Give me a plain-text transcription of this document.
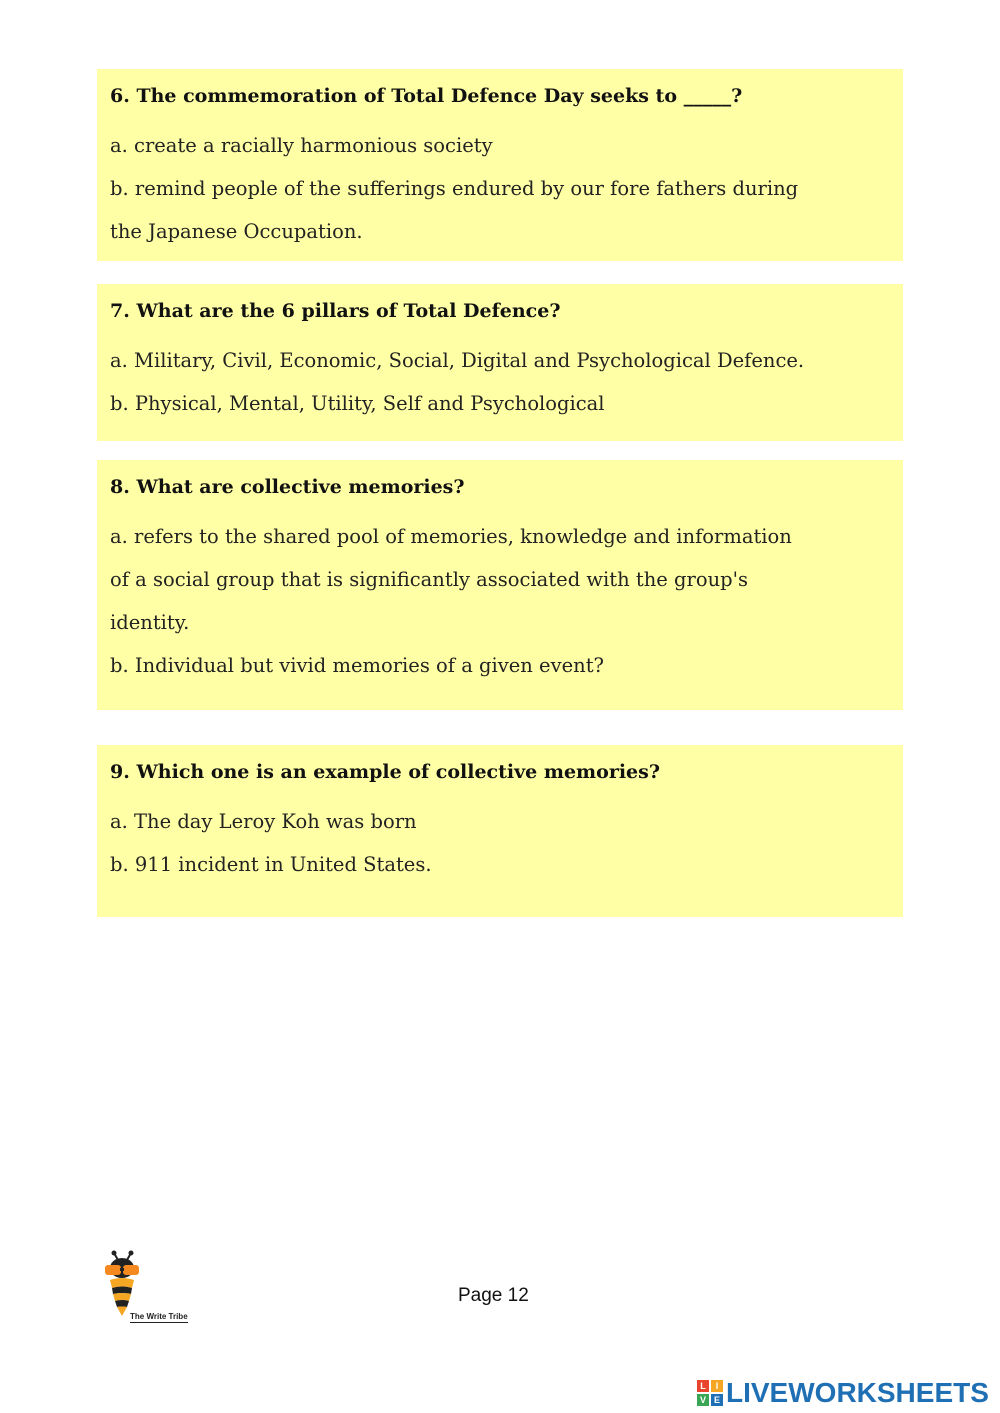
6. The commemoration of Total Defence Day seeks to _____?

a. create a racially harmonious society

b. remind people of the sufferings endured by our fore fathers during

the Japanese Occupation.

7. What are the 6 pillars of Total Defence?

a. Military, Civil, Economic, Social, Digital and Psychological Defence.

b. Physical, Mental, Utility, Self and Psychological

8. What are collective memories?

a. refers to the shared pool of memories, knowledge and information

of a social group that is significantly associated with the group's

identity.

b. Individual but vivid memories of a given event?

9. Which one is an example of collective memories?

a. The day Leroy Koh was born

b. 911 incident in United States.

The Write Tribe
Page 12
L	I
V E LIVEWORKSHEETS
